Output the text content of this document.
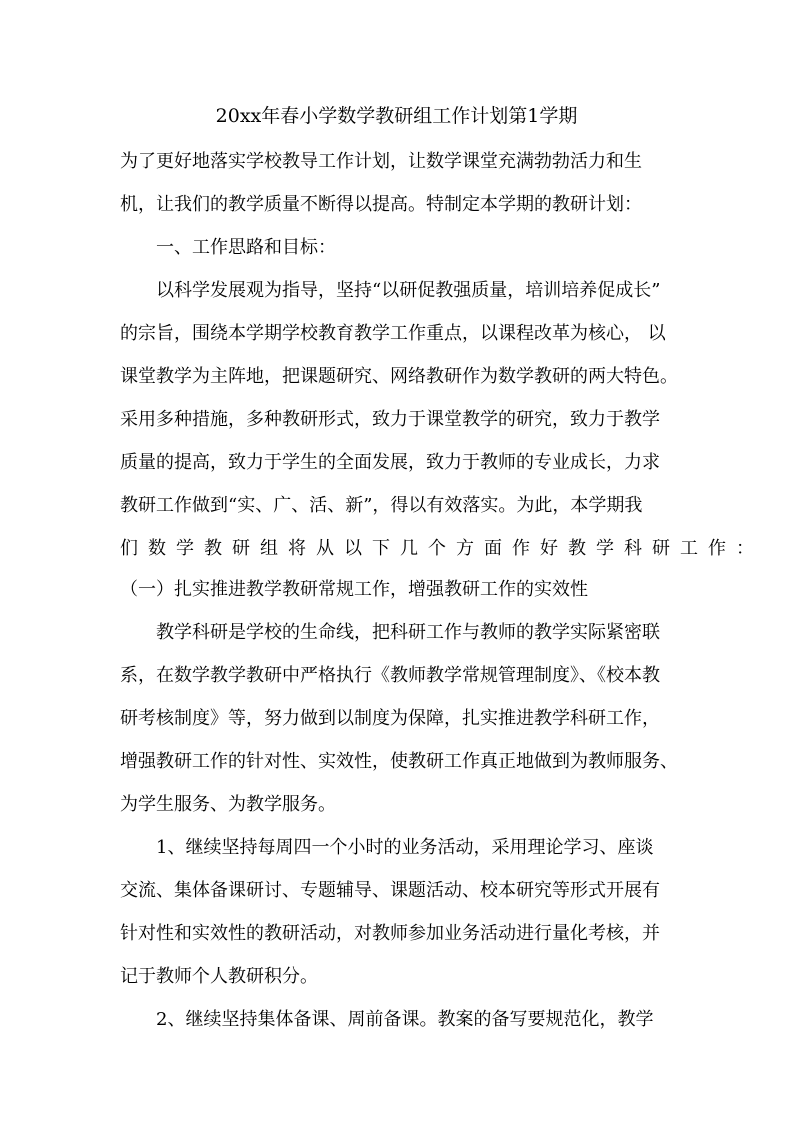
20xx年春小学数学教研组工作计划第1学期
为了更好地落实学校教导工作计划，让数学课堂充满勃勃活力和生
机，让我们的教学质量不断得以提高。特制定本学期的教研计划：
一、工作思路和目标：
以科学发展观为指导，坚持“以研促教强质量，培训培养促成长”
的宗旨，围绕本学期学校教育教学工作重点，以课程改革为核心， 以
课堂教学为主阵地，把课题研究、网络教研作为数学教研的两大特色。
采用多种措施，多种教研形式，致力于课堂教学的研究，致力于教学
质量的提高，致力于学生的全面发展，致力于教师的专业成长，力求
教研工作做到“实、广、活、新”，得以有效落实。为此，本学期我
们数学教研组将从以下几个方面作好教学科研工作：
（一）扎实推进教学教研常规工作，增强教研工作的实效性
教学科研是学校的生命线，把科研工作与教师的教学实际紧密联
系，在数学教学教研中严格执行《教师教学常规管理制度》、《校本教
研考核制度》等，努力做到以制度为保障，扎实推进教学科研工作，
增强教研工作的针对性、实效性，使教研工作真正地做到为教师服务、
为学生服务、为教学服务。
1、继续坚持每周四一个小时的业务活动，采用理论学习、座谈
交流、集体备课研讨、专题辅导、课题活动、校本研究等形式开展有
针对性和实效性的教研活动，对教师参加业务活动进行量化考核，并
记于教师个人教研积分。
2、继续坚持集体备课、周前备课。教案的备写要规范化，教学
